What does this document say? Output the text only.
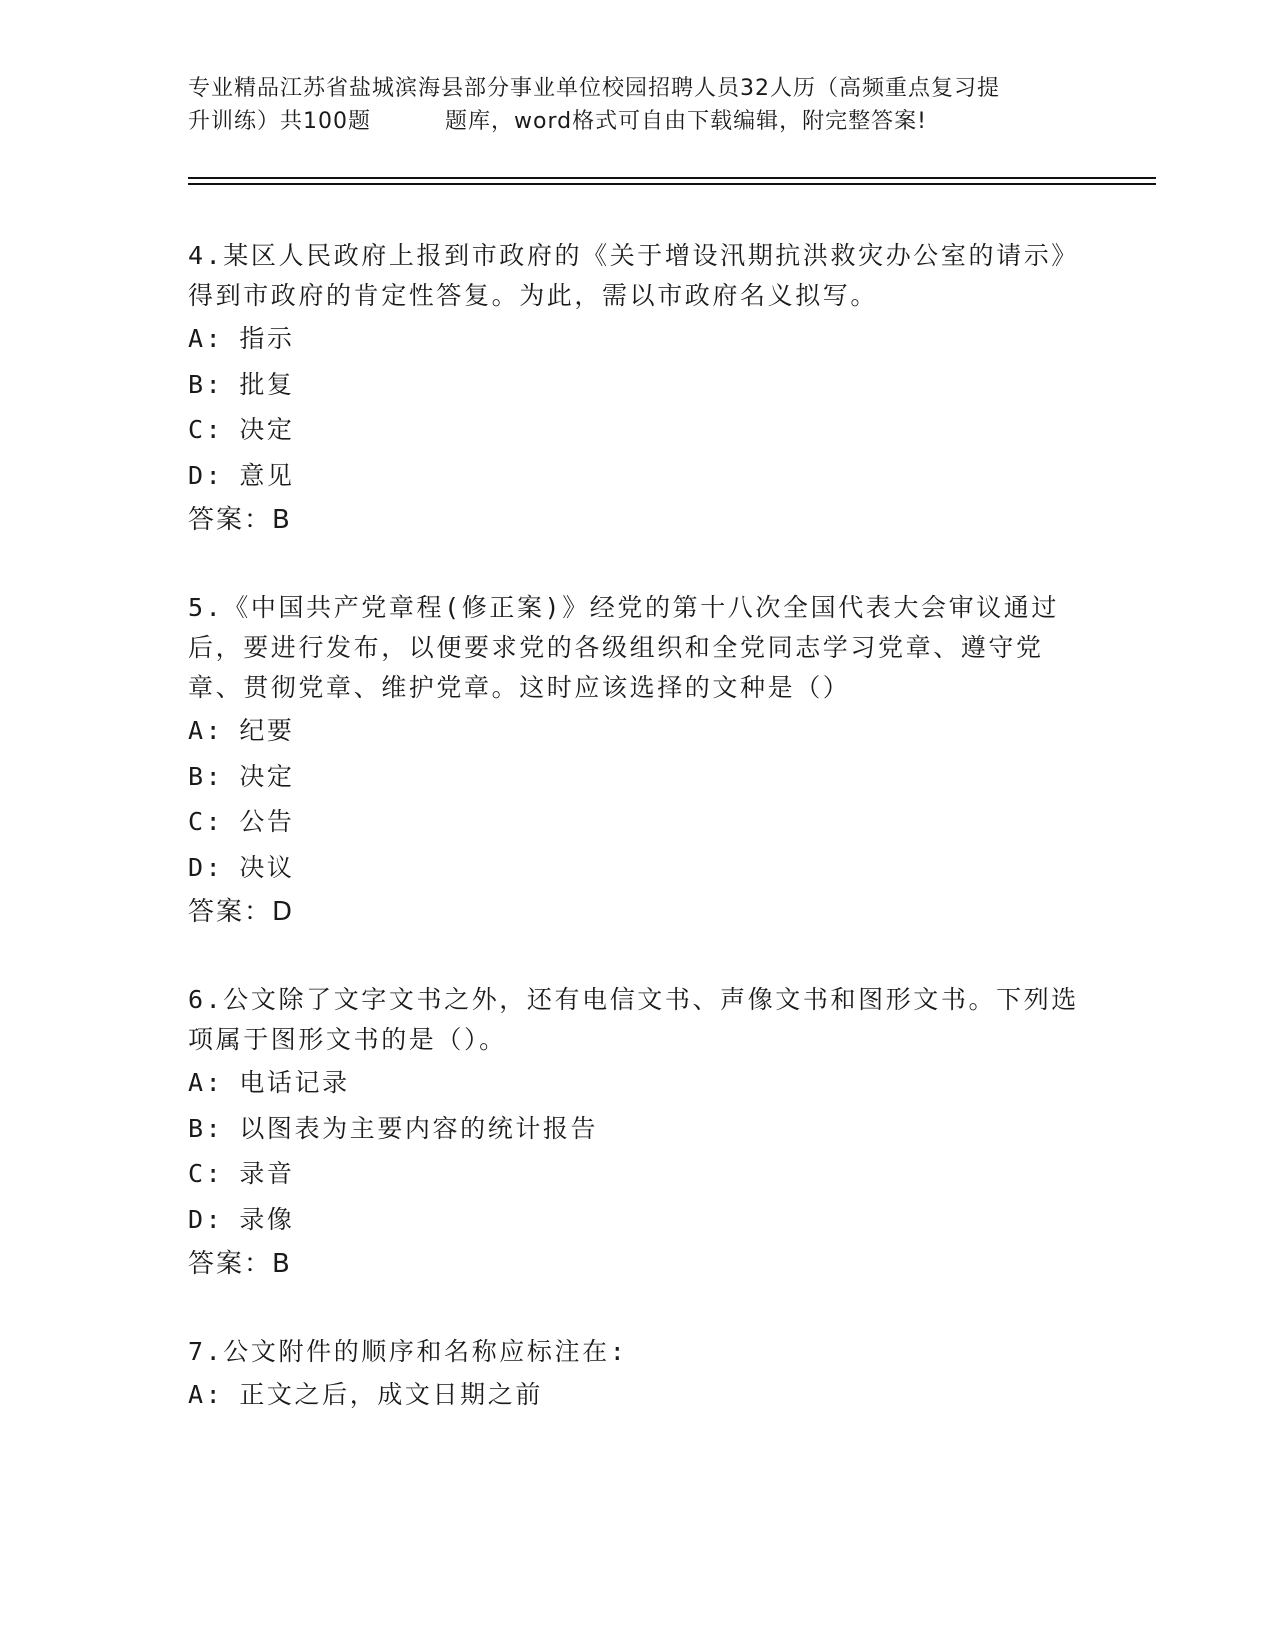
专业精品江苏省盐城滨海县部分事业单位校园招聘人员32人历（高频重点复习提
升训练）共100题	题库，word格式可自由下载编辑，附完整答案!

4.某区人民政府上报到市政府的《关于增设汛期抗洪救灾办公室的请示》得到市政府的肯定性答复。为此，需以市政府名义拟写。

A: 指示

B: 批复

C: 决定

D: 意见

答案：B

5.《中国共产党章程(修正案)》经党的第十八次全国代表大会审议通过后，要进行发布，以便要求党的各级组织和全党同志学习党章、遵守党章、贯彻党章、维护党章。这时应该选择的文种是（）

A: 纪要

B: 决定

C: 公告

D: 决议

答案：D

6.公文除了文字文书之外，还有电信文书、声像文书和图形文书。下列选项属于图形文书的是（）。

A: 电话记录

B: 以图表为主要内容的统计报告

C: 录音

D: 录像

答案：B

7.公文附件的顺序和名称应标注在:

A: 正文之后，成文日期之前
